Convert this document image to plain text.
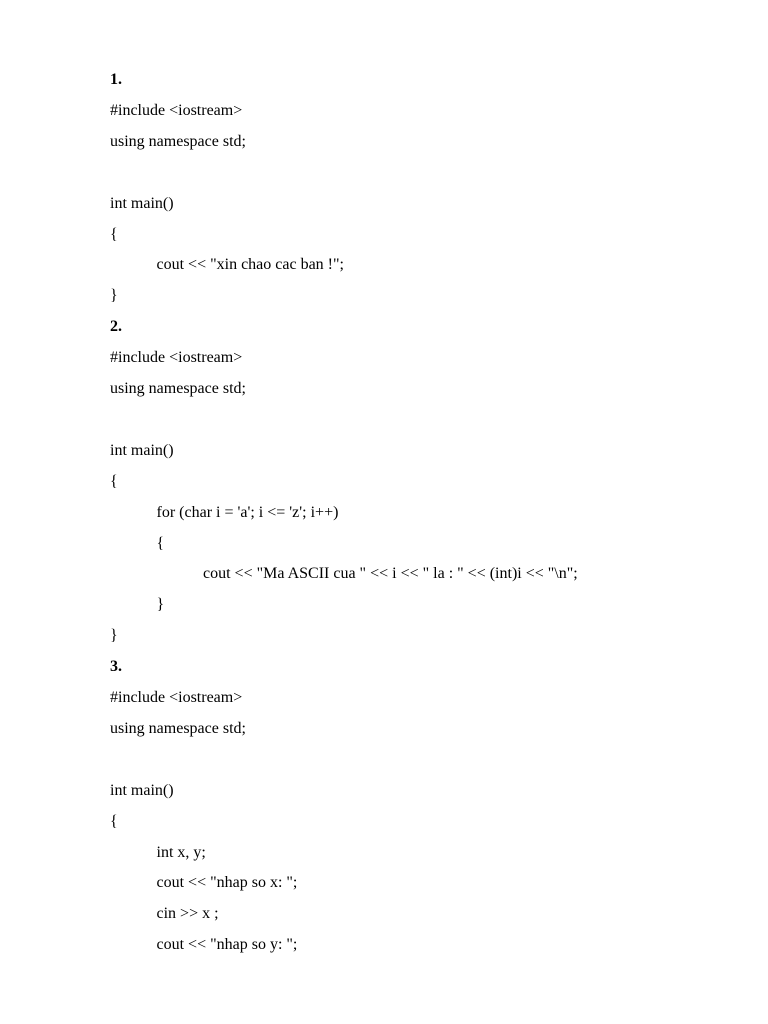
1.
#include <iostream>
using namespace std;
int main()
{
cout << "xin chao cac ban !";
}
2.
#include <iostream>
using namespace std;
int main()
{
for (char i = 'a'; i <= 'z'; i++)
{
cout << "Ma ASCII cua " << i << " la : " << (int)i << "\n";
}
}
3.
#include <iostream>
using namespace std;
int main()
{
int x, y;
cout << "nhap so x: ";
cin >> x ;
cout << "nhap so y: ";
